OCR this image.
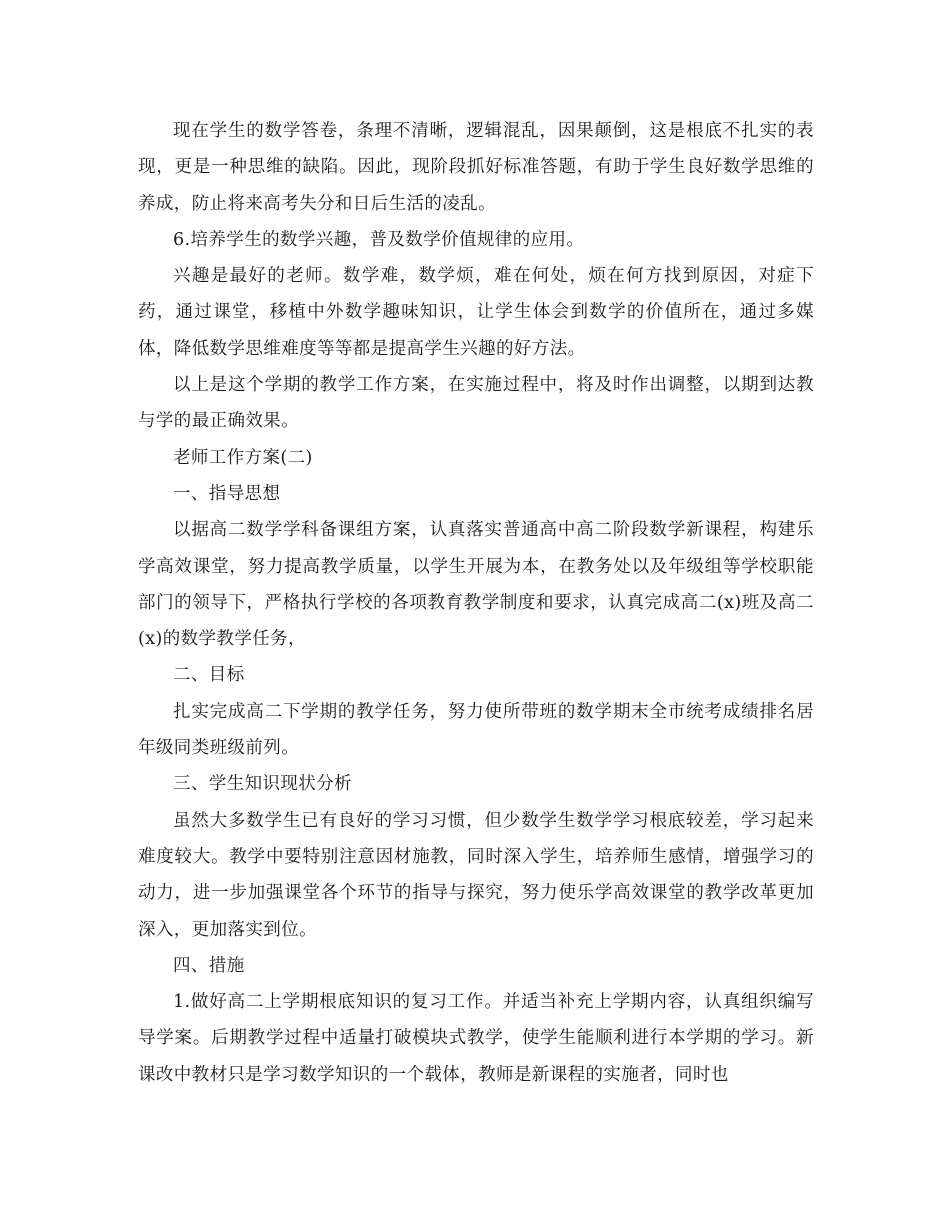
现在学生的数学答卷，条理不清晰，逻辑混乱，因果颠倒，这是根底不扎实的表现，更是一种思维的缺陷。因此，现阶段抓好标准答题，有助于学生良好数学思维的养成，防止将来高考失分和日后生活的凌乱。

6.培养学生的数学兴趣，普及数学价值规律的应用。

兴趣是最好的老师。数学难，数学烦，难在何处，烦在何方找到原因，对症下药，通过课堂，移植中外数学趣味知识，让学生体会到数学的价值所在，通过多媒体，降低数学思维难度等等都是提高学生兴趣的好方法。

以上是这个学期的教学工作方案，在实施过程中，将及时作出调整，以期到达教与学的最正确效果。

老师工作方案(二)

一、指导思想

以据高二数学学科备课组方案，认真落实普通高中高二阶段数学新课程，构建乐学高效课堂，努力提高教学质量，以学生开展为本，在教务处以及年级组等学校职能部门的领导下，严格执行学校的各项教育教学制度和要求，认真完成高二(x)班及高二(x)的数学教学任务，

二、目标

扎实完成高二下学期的教学任务，努力使所带班的数学期末全市统考成绩排名居年级同类班级前列。

三、学生知识现状分析

虽然大多数学生已有良好的学习习惯，但少数学生数学学习根底较差，学习起来难度较大。教学中要特别注意因材施教，同时深入学生，培养师生感情，增强学习的动力，进一步加强课堂各个环节的指导与探究，努力使乐学高效课堂的教学改革更加深入，更加落实到位。

四、措施

1.做好高二上学期根底知识的复习工作。并适当补充上学期内容，认真组织编写导学案。后期教学过程中适量打破模块式教学，使学生能顺利进行本学期的学习。新课改中教材只是学习数学知识的一个载体，教师是新课程的实施者，同时也
